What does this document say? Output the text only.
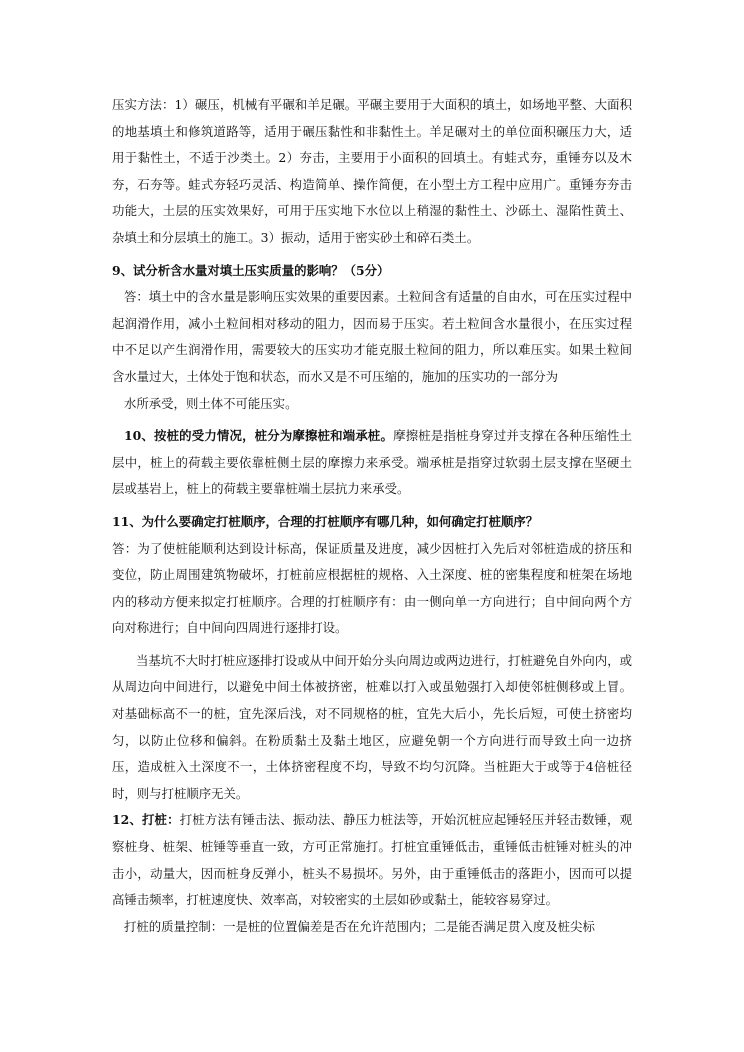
压实方法：1）碾压，机械有平碾和羊足碾。平碾主要用于大面积的填土，如场地平整、大面积的地基填土和修筑道路等，适用于碾压黏性和非黏性土。羊足碾对土的单位面积碾压力大，适用于黏性土，不适于沙类土。2）夯击，主要用于小面积的回填土。有蛙式夯，重锤夯以及木夯，石夯等。蛙式夯轻巧灵活、构造简单、操作简便，在小型土方工程中应用广。重锤夯夯击功能大，土层的压实效果好，可用于压实地下水位以上稍湿的黏性土、沙砾土、湿陷性黄土、杂填土和分层填土的施工。3）振动，适用于密实砂土和碎石类土。

9、试分析含水量对填土压实质量的影响？（5分）

答：填土中的含水量是影响压实效果的重要因素。土粒间含有适量的自由水，可在压实过程中起润滑作用，减小土粒间相对移动的阻力，因而易于压实。若土粒间含水量很小，在压实过程中不足以产生润滑作用，需要较大的压实功才能克服土粒间的阻力，所以难压实。如果土粒间含水量过大，土体处于饱和状态，而水又是不可压缩的，施加的压实功的一部分为

水所承受，则土体不可能压实。

10、按桩的受力情况，桩分为摩擦桩和端承桩。摩擦桩是指桩身穿过并支撑在各种压缩性土层中，桩上的荷载主要依靠桩侧土层的摩擦力来承受。端承桩是指穿过软弱土层支撑在坚硬土层或基岩上，桩上的荷载主要靠桩端土层抗力来承受。

11、为什么要确定打桩顺序，合理的打桩顺序有哪几种，如何确定打桩顺序？

答：为了使桩能顺利达到设计标高，保证质量及进度，减少因桩打入先后对邻桩造成的挤压和变位，防止周围建筑物破坏，打桩前应根据桩的规格、入土深度、桩的密集程度和桩架在场地内的移动方便来拟定打桩顺序。合理的打桩顺序有：由一侧向单一方向进行；自中间向两个方向对称进行；自中间向四周进行逐排打设。

当基坑不大时打桩应逐排打设或从中间开始分头向周边或两边进行，打桩避免自外向内，或从周边向中间进行，以避免中间土体被挤密，桩难以打入或虽勉强打入却使邻桩侧移或上冒。对基础标高不一的桩，宜先深后浅，对不同规格的桩，宜先大后小，先长后短，可使土挤密均匀，以防止位移和偏斜。在粉质黏土及黏土地区，应避免朝一个方向进行而导致土向一边挤压，造成桩入土深度不一，土体挤密程度不均，导致不均匀沉降。当桩距大于或等于4倍桩径时，则与打桩顺序无关。

12、打桩：打桩方法有锤击法、振动法、静压力桩法等，开始沉桩应起锤轻压并轻击数锤，观察桩身、桩架、桩锤等垂直一致，方可正常施打。打桩宜重锤低击，重锤低击桩锤对桩头的冲击小，动量大，因而桩身反弹小，桩头不易损坏。另外，由于重锤低击的落距小，因而可以提高锤击频率，打桩速度快、效率高，对较密实的土层如砂或黏土，能较容易穿过。

打桩的质量控制：一是桩的位置偏差是否在允许范围内；二是能否满足贯入度及桩尖标
